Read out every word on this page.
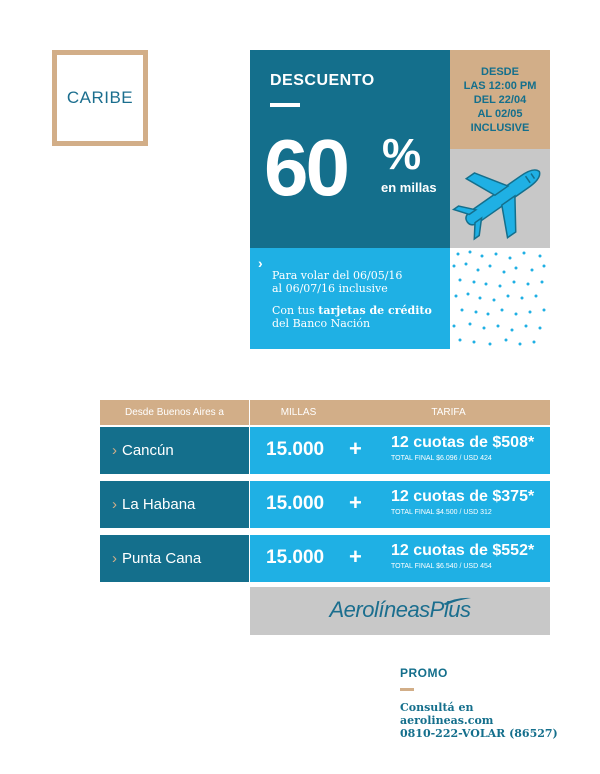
CARIBE
DESDE
LAS 12:00 PM
DEL 22/04
AL 02/05
INCLUSIVE
DESCUENTO
60 %
en millas
›
Para volar del 06/05/16
al 06/07/16 inclusive
Con tus tarjetas de crédito
del Banco Nación
Desde Buenos Aires a	MILLAS	TARIFA
› Cancún	15.000 + 12 cuotas de $508*
TOTAL FINAL $6.096 / USD 424
› La Habana	15.000 + 12 cuotas de $375*
TOTAL FINAL $4.500 / USD 312
› Punta Cana	15.000 + 12 cuotas de $552*
TOTAL FINAL $6.540 / USD 454
AerolíneasPlus
PROMO
Consultá en
aerolineas.com
0810-222-VOLAR (86527)
